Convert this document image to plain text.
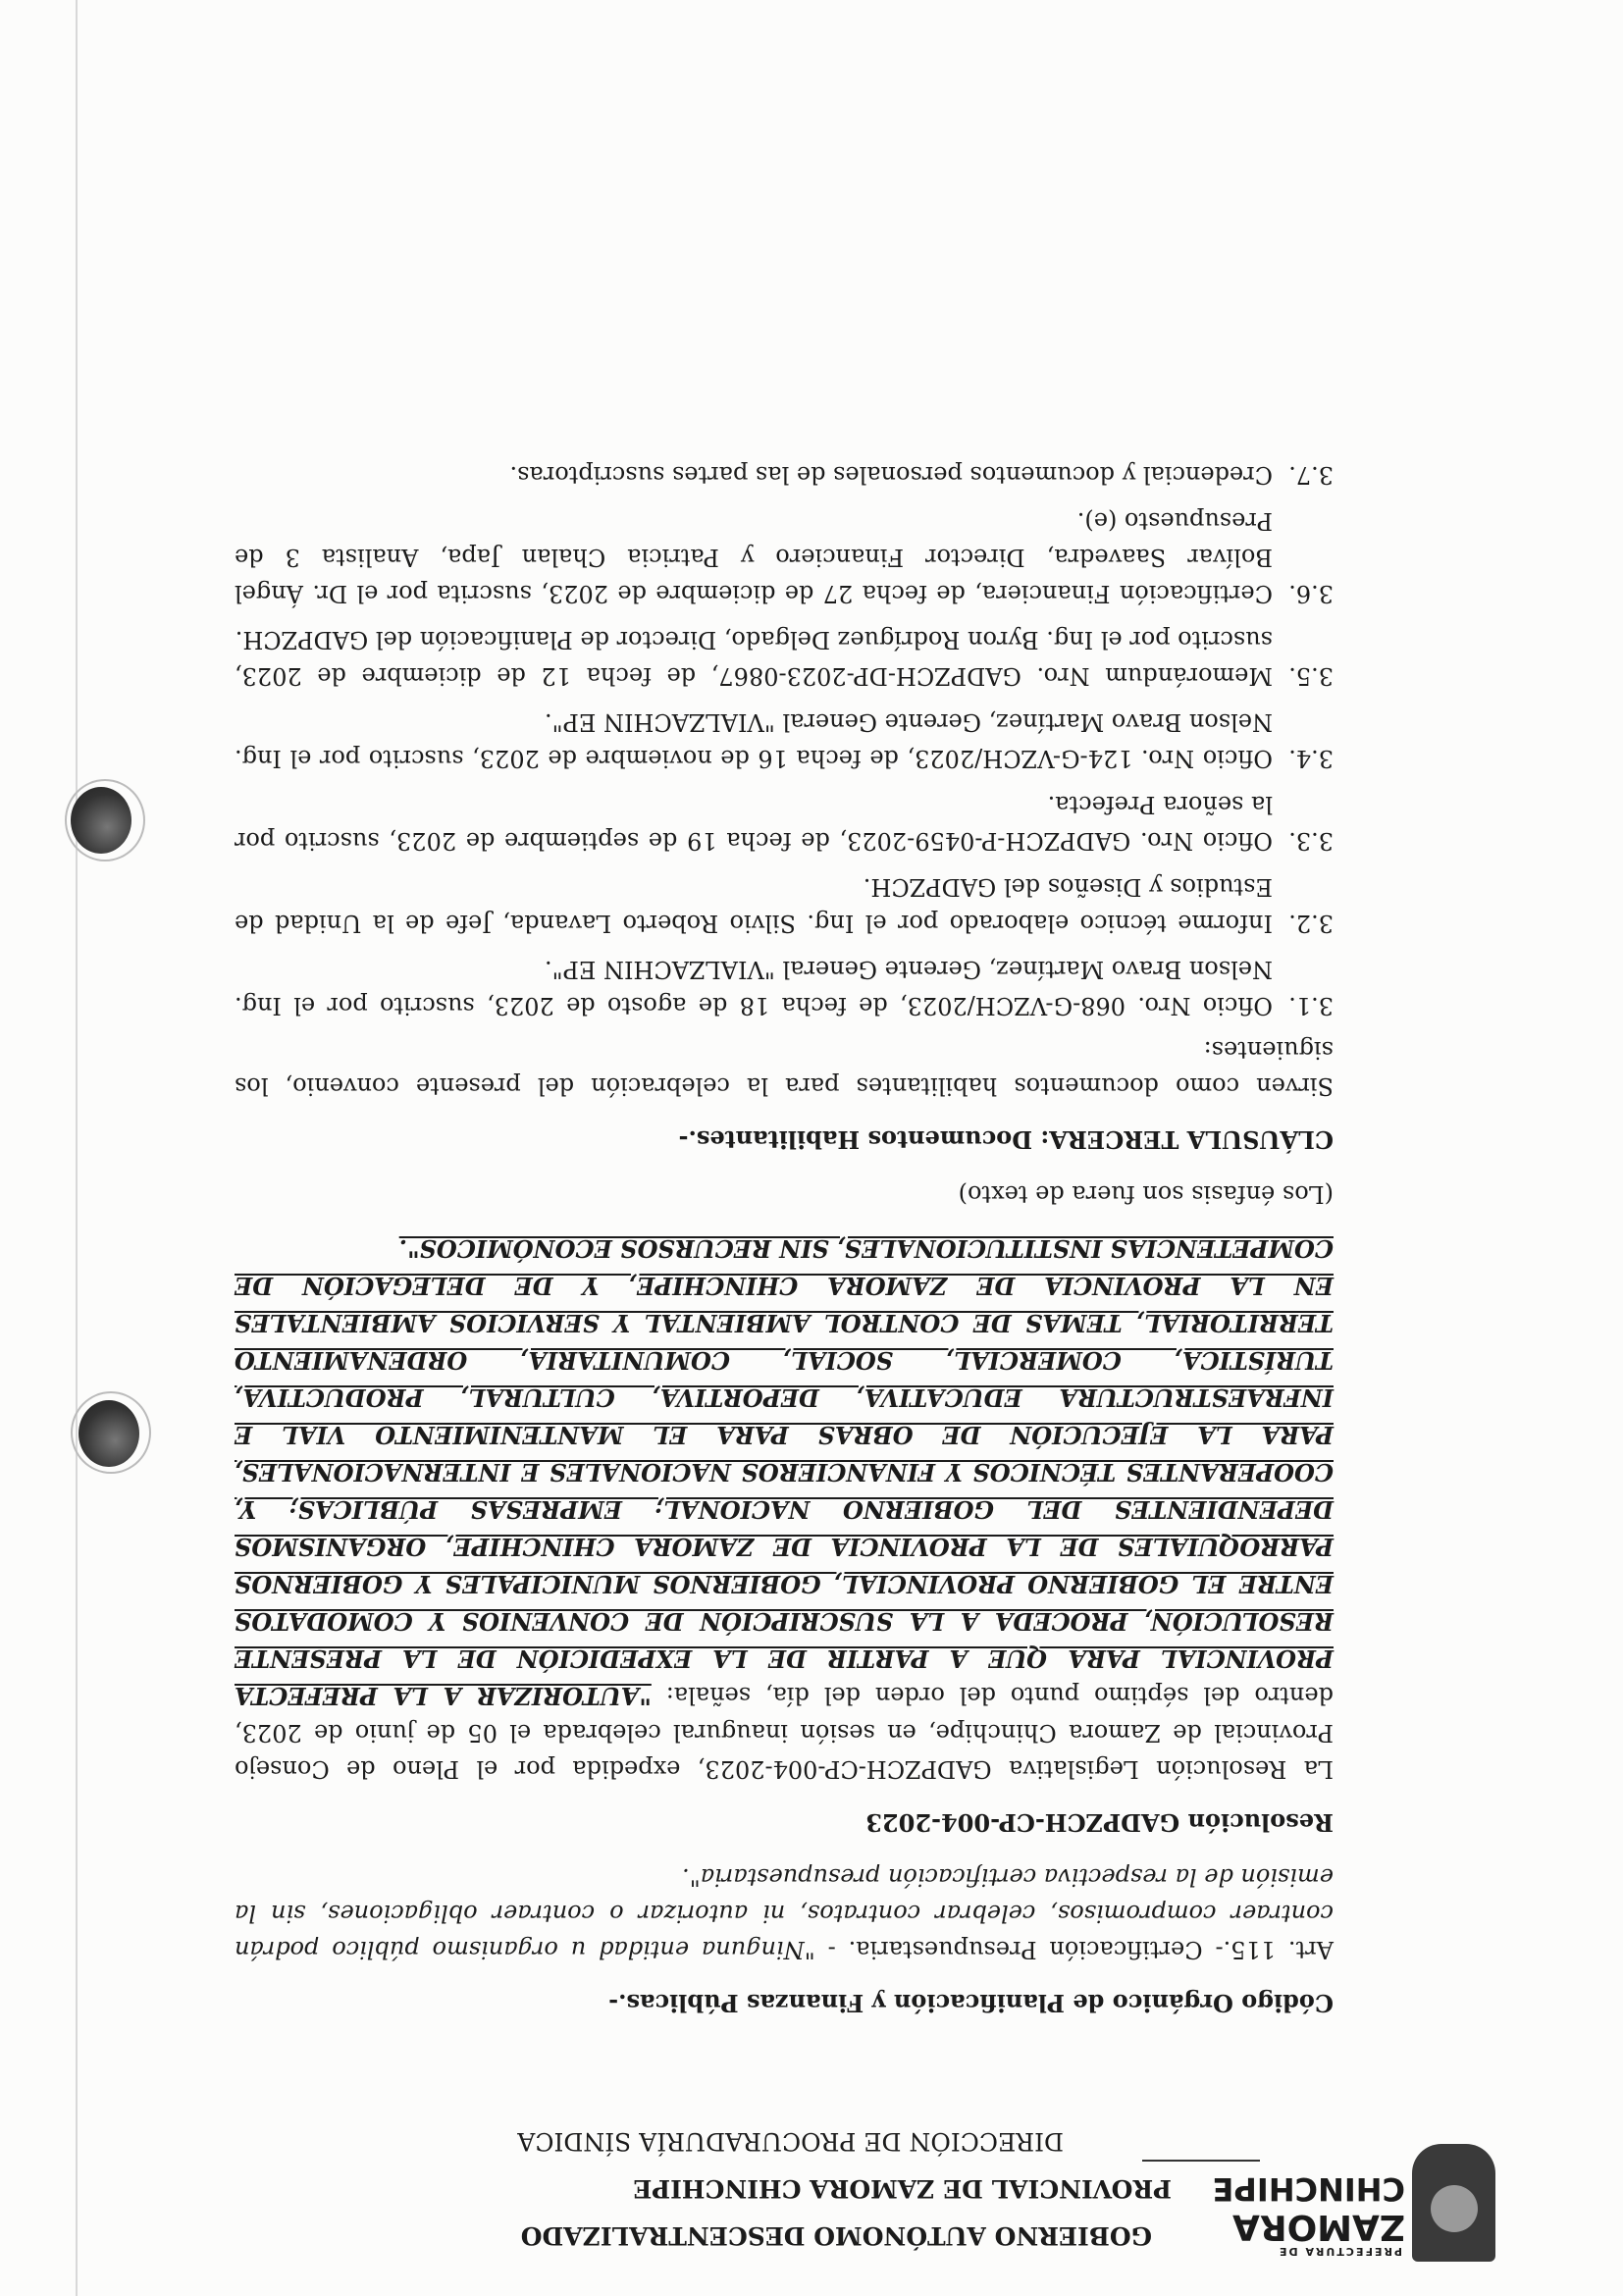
PREFECTURA DE
ZAMORA
CHINCHIPE
GOBIERNO AUTÓNOMO DESCENTRALIZADO
PROVINCIAL DE ZAMORA CHINCHIPE
DIRECCIÓN DE PROCURADURÍA SÍNDICA
Código Orgánico de Planificación y Finanzas Públicas.-
Art. 115.- Certificación Presupuestaria. - "Ninguna entidad u organismo público podrán contraer compromisos, celebrar contratos, ni autorizar o contraer obligaciones, sin la emisión de la respectiva certificación presupuestaria".
Resolución GADPZCH-CP-004-2023
La Resolución Legislativa GADPZCH-CP-004-2023, expedida por el Pleno de Consejo Provincial de Zamora Chinchipe, en sesión inaugural celebrada el 05 de junio de 2023, dentro del séptimo punto del orden del día, señala: "AUTORIZAR A LA PREFECTA PROVINCIAL PARA QUE A PARTIR DE LA EXPEDICIÓN DE LA PRESENTE RESOLUCIÓN, PROCEDA A LA SUSCRIPCIÓN DE CONVENIOS Y COMODATOS ENTRE EL GOBIERNO PROVINCIAL, GOBIERNOS MUNICIPALES Y GOBIERNOS PARROQUIALES DE LA PROVINCIA DE ZAMORA CHINCHIPE, ORGANISMOS DEPENDIENTES DEL GOBIERNO NACIONAL; EMPRESAS PÚBLICAS; Y, COOPERANTES TÉCNICOS Y FINANCIEROS NACIONALES E INTERNACIONALES, PARA LA EJECUCIÓN DE OBRAS PARA EL MANTENIMIENTO VIAL E INFRAESTRUCTURA EDUCATIVA, DEPORTIVA, CULTURAL, PRODUCTIVA, TURÍSTICA, COMERCIAL, SOCIAL, COMUNITARIA, ORDENAMIENTO TERRITORIAL, TEMAS DE CONTROL AMBIENTAL Y SERVICIOS AMBIENTALES EN LA PROVINCIA DE ZAMORA CHINCHIPE, Y DE DELEGACIÓN DE COMPETENCIAS INSTITUCIONALES, SIN RECURSOS ECONÓMICOS".
(Los énfasis son fuera de texto)
CLÁUSULA TERCERA: Documentos Habilitantes.-
Sirven como documentos habilitantes para la celebración del presente convenio, los siguientes:
3.1.
Oficio Nro. 068-G-VZCH/2023, de fecha 18 de agosto de 2023, suscrito por el Ing. Nelson Bravo Martínez, Gerente General "VIALZACHIN EP".
3.2.
Informe técnico elaborado por el Ing. Silvio Roberto Lavanda, Jefe de la Unidad de Estudios y Diseños del GADPZCH.
3.3.
Oficio Nro. GADPZCH-P-0459-2023, de fecha 19 de septiembre de 2023, suscrito por la señora Prefecta.
3.4.
Oficio Nro. 124-G-VZCH/2023, de fecha 16 de noviembre de 2023, suscrito por el Ing. Nelson Bravo Martínez, Gerente General "VIALZACHIN EP".
3.5.
Memorándum Nro. GADPZCH-DP-2023-0867, de fecha 12 de diciembre de 2023, suscrito por el Ing. Byron Rodríguez Delgado, Director de Planificación del GADPZCH.
3.6.
Certificación Financiera, de fecha 27 de diciembre de 2023, suscrita por el Dr. Ángel Bolívar Saavedra, Director Financiero y Patricia Chalan Japa, Analista 3 de Presupuesto (e).
3.7.
Credencial y documentos personales de las partes suscriptoras.
